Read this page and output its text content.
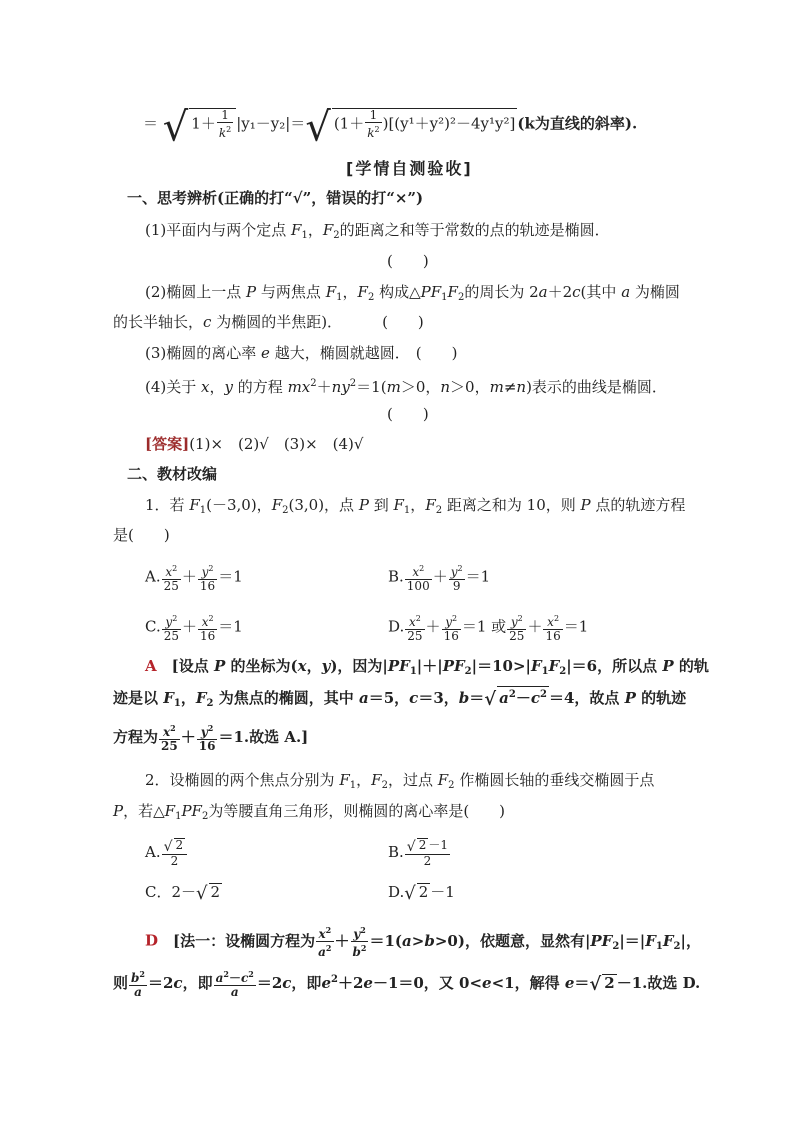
＝ √ $1+ \frac{1}{k^2} |y_1-y_2|=√$ $(1+ \frac{1}{k^2} )[(y^1+y^2)^2-4y^1y^2]$ (k为直线的斜率).
[学情自测验收]
一、思考辨析(正确的打“√”，错误的打“×”)
(1)平面内与两个定点 $F_1$，$F_2$的距离之和等于常数的点的轨迹是椭圆．
(　　)
(2)椭圆上一点 P 与两焦点 $F_1$，$F_2$ 构成$\triangle PF_1F_2$的周长为 2a＋2c(其中 a 为椭圆
的长半轴长，c 为椭圆的半焦距)．	(　　)
(3)椭圆的离心率 e 越大，椭圆就越圆． (　　)
(4)关于 x，y 的方程 $mx^2+ny^2=1(m>0$，n＞0，m≠n)表示的曲线是椭圆．
(　　)
[答案](1)×　(2)√　(3)×　(4)√
二、教材改编
1．若 $F_1(-3,0)$，$F_2(3,0)$，点 P 到 $F_1$，$F_2$ 距离之和为 10，则 P 点的轨迹方程
是(　　)
A. $\frac{x^2}{25} + \frac{y^2}{16} =1$	B. $\frac{x^2}{100} + \frac{y^2}{9} =1$
C. $\frac{y^2}{25} + \frac{x^2}{16} =1$	D. $\frac{x^2}{25} + \frac{y^2}{16} =1$ 或 $\frac{y^2}{25} + \frac{x^2}{16} =1$
A　 [设点 P 的坐标为(x，y)，因为$|PF_1|+|PF_2|=10>|F_1F_2|=6$，所以点 P 的轨
迹是以 $F_1$，$F_2$ 为焦点的椭圆，其中 a＝5，c＝3，b＝√ $a^2-c^2 =4$，故点 P 的轨迹
方程为 $\frac{x^2}{25} + \frac{y^2}{16} =1$.故选 A.]
2．设椭圆的两个焦点分别为 $F_1$，$F_2$，过点 $F_2$ 作椭圆长轴的垂线交椭圆于点
P，若$\triangle F_1PF_2$为等腰直角三角形，则椭圆的离心率是(　　)
A. $\frac{√ 2}{2}$	B. $\frac{√ 2 -1}{2}$
C．2－√ 2	D.√ 2 －1
D　 [法一：设椭圆方程为 $\frac{x^2}{a^2} + \frac{y^2}{b^2} =1(a>b>0)$，依题意，显然有$|PF_2|=|F_1F_2|$，
则 $\frac{b^2}{a} =2c$，即 $\frac{a^2-c^2}{a} =2c$，即$e^2+2e-1=0$，又 0<e<1，解得 e＝√ 2 －1.故选 D.
